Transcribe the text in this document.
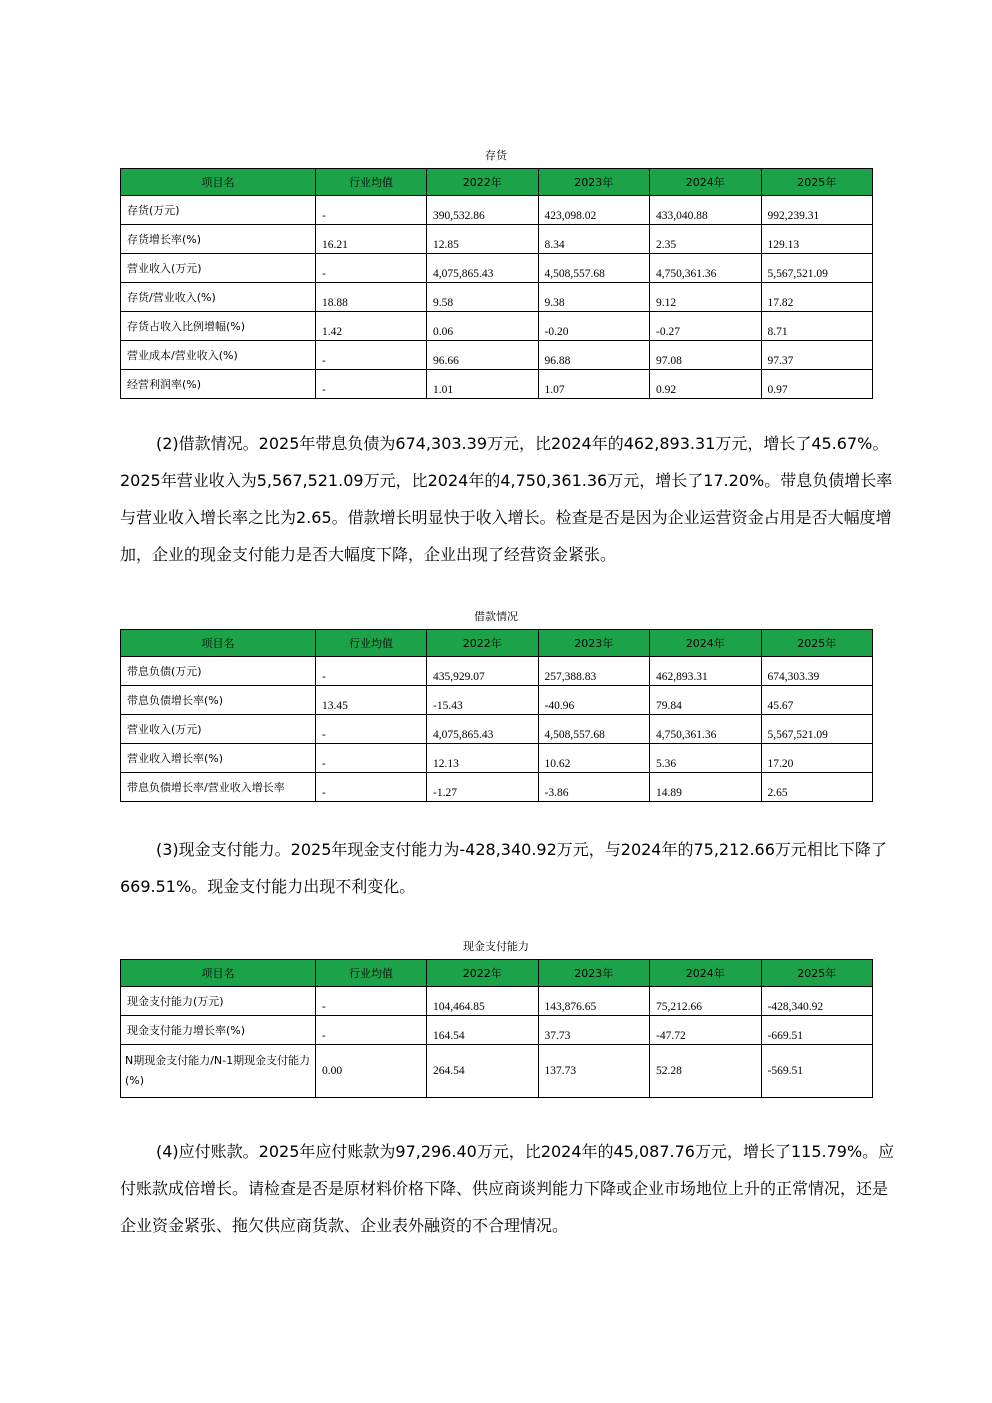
存货
项目名	行业均值	2022年	2023年	2024年	2025年
存货(万元)	-	390,532.86	423,098.02	433,040.88	992,239.31
存货增长率(%)	16.21	12.85	8.34	2.35	129.13
营业收入(万元)	-	4,075,865.43	4,508,557.68	4,750,361.36	5,567,521.09
存货/营业收入(%)	18.88	9.58	9.38	9.12	17.82
存货占收入比例增幅(%)	1.42	0.06	-0.20	-0.27	8.71
营业成本/营业收入(%)	-	96.66	96.88	97.08	97.37
经营利润率(%)	-	1.01	1.07	0.92	0.97

(2)借款情况。2025年带息负债为674,303.39万元，比2024年的462,893.31万元，增长了45.67%。2025年营业收入为5,567,521.09万元，比2024年的4,750,361.36万元，增长了17.20%。带息负债增长率与营业收入增长率之比为2.65。借款增长明显快于收入增长。检查是否是因为企业运营资金占用是否大幅度增加，企业的现金支付能力是否大幅度下降，企业出现了经营资金紧张。

借款情况
项目名	行业均值	2022年	2023年	2024年	2025年
带息负债(万元)	-	435,929.07	257,388.83	462,893.31	674,303.39
带息负债增长率(%)	13.45	-15.43	-40.96	79.84	45.67
营业收入(万元)	-	4,075,865.43	4,508,557.68	4,750,361.36	5,567,521.09
营业收入增长率(%)	-	12.13	10.62	5.36	17.20
带息负债增长率/营业收入增长率	-	-1.27	-3.86	14.89	2.65

(3)现金支付能力。2025年现金支付能力为-428,340.92万元，与2024年的75,212.66万元相比下降了669.51%。现金支付能力出现不利变化。

现金支付能力
项目名	行业均值	2022年	2023年	2024年	2025年
现金支付能力(万元)	-	104,464.85	143,876.65	75,212.66	-428,340.92
现金支付能力增长率(%)	-	164.54	37.73	-47.72	-669.51
N期现金支付能力/N-1期现金支付能力(%)	0.00	264.54	137.73	52.28	-569.51

(4)应付账款。2025年应付账款为97,296.40万元，比2024年的45,087.76万元，增长了115.79%。应付账款成倍增长。请检查是否是原材料价格下降、供应商谈判能力下降或企业市场地位上升的正常情况，还是企业资金紧张、拖欠供应商货款、企业表外融资的不合理情况。
